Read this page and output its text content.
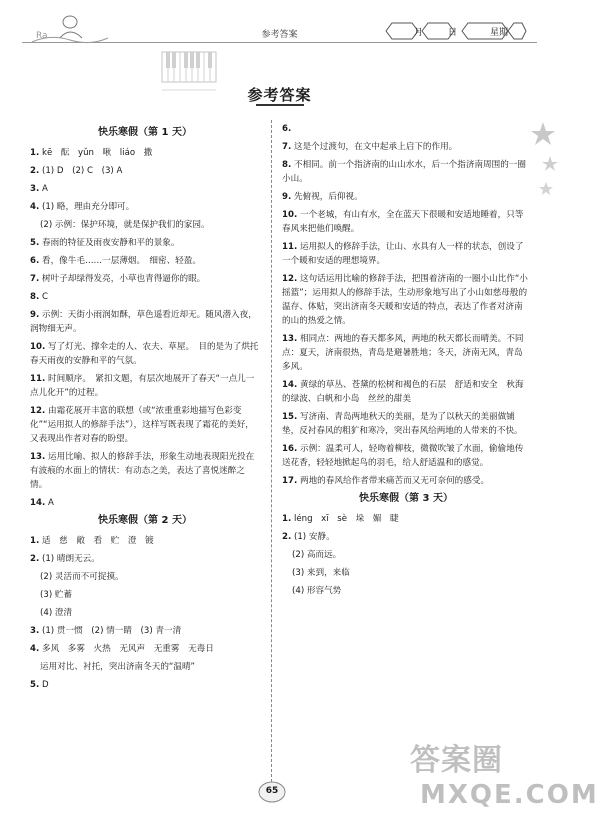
Ra	参考答案	月	日	星期
参考答案
快乐寒假（第 1 天）
1. kē　酝　yǔn　啾　liáo　撒
2. (1) D　(2) C　(3) A
3. A
4. (1) 略，理由充分即可。
(2) 示例：保护环境，就是保护我们的家园。
5. 春雨的特征及雨夜安静和平的景象。
6. 看，像牛毛……一层薄烟。　细密、轻盈。
7. 树叶子却绿得发亮，小草也青得逼你的眼。
8. C
9. 示例：天街小雨润如酥，草色遥看近却无。随风潜入夜，润物细无声。
10. 写了灯光、撑伞走的人、农夫、草屋。　目的是为了烘托春天雨夜的安静和平的气氛。
11. 时间顺序。　紧扣文题，有层次地展开了春天“一点儿一点儿化开”的过程。
12. 由霜花展开丰富的联想（或“浓重重彩地描写色彩变化”“运用拟人的修辞手法”），这样写既表现了霜花的美好，又表现出作者对春的盼望。
13. 运用比喻、拟人的修辞手法，形象生动地表现阳光投在有波痕的水面上的情状：有动态之美，表达了喜悦迷醉之情。
14. A
快乐寒假（第 2 天）
1. 适　慈　敞　看　贮　澄　镀
2. (1) 晴朗无云。
(2) 灵活而不可捉摸。
(3) 贮蓄
(4) 澄清
3. (1) 贯一惯　(2) 情一睛　(3) 青一清
4. 多风　多雾　火热　无风声　无重雾　无毒日
运用对比、衬托，突出济南冬天的“温晴”
5. D
6.
7. 这是个过渡句，在文中起承上启下的作用。
8. 不相同。前一个指济南的山山水水，后一个指济南周围的一圈小山。
9. 先俯视，后仰视。
10. 一个老城，有山有水，全在蓝天下很暖和安适地睡着，只等春风来把他们唤醒。
11. 运用拟人的修辞手法，让山、水具有人一样的状态，创设了一个暖和安适的理想境界。
12. 这句话运用比喻的修辞手法，把围着济南的一圈小山比作“小摇篮”；运用拟人的修辞手法，生动形象地写出了小山如慈母般的温存、体贴，突出济南冬天暖和安适的特点，表达了作者对济南的山的热爱之情。
13. 相同点：两地的春天都多风，两地的秋天都长而晴美。不同点：夏天，济南很热，青岛是避暑胜地；冬天，济南无风，青岛多风。
14. 黄绿的草丛、苍黛的松树和褐色的石层　舒适和安全　秋海的绿波、白帆和小岛　丝丝的甜美
15. 写济南、青岛两地秋天的美丽，是为了以秋天的美丽做铺垫，反衬春风的粗犷和寒冷，突出春风给两地的人带来的不快。
16. 示例：温柔可人，轻吻着柳枝，微微吹皱了水面，偷偷地传送花香，轻轻地掀起鸟的羽毛，给人舒适温和的感觉。
17. 两地的春风给作者带来痛苦而又无可奈何的感受。
快乐寒假（第 3 天）
1. léng　xī　sè　垛　媚　睫
2. (1) 安静。
(2) 高而远。
(3) 来到，来临
(4) 形容气势
65
答案圈
MXQE.COM
